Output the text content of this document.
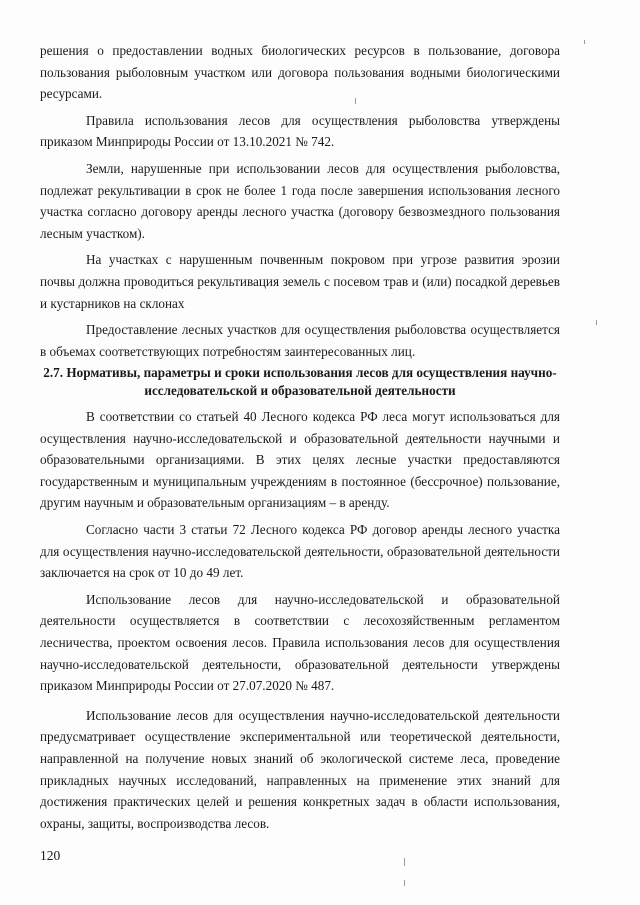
решения о предоставлении водных биологических ресурсов в пользование, договора пользования рыболовным участком или договора пользования водными биологическими ресурсами.

Правила использования лесов для осуществления рыболовства утверждены приказом Минприроды России от 13.10.2021 № 742.

Земли, нарушенные при использовании лесов для осуществления рыболовства, подлежат рекультивации в срок не более 1 года после завершения использования лесного участка согласно договору аренды лесного участка (договору безвозмездного пользования лесным участком).

На участках с нарушенным почвенным покровом при угрозе развития эрозии почвы должна проводиться рекультивация земель с посевом трав и (или) посадкой деревьев и кустарников на склонах

Предоставление лесных участков для осуществления рыболовства осуществляется в объемах соответствующих потребностям заинтересованных лиц.

2.7. Нормативы, параметры и сроки использования лесов для осуществления научно-исследовательской и образовательной деятельности

В соответствии со статьей 40 Лесного кодекса РФ леса могут использоваться для осуществления научно-исследовательской и образовательной деятельности научными и образовательными организациями. В этих целях лесные участки предоставляются государственным и муниципальным учреждениям в постоянное (бессрочное) пользование, другим научным и образовательным организациям – в аренду.

Согласно части 3 статьи 72 Лесного кодекса РФ договор аренды лесного участка для осуществления научно-исследовательской деятельности, образовательной деятельности заключается на срок от 10 до 49 лет.

Использование лесов для научно-исследовательской и образовательной деятельности осуществляется в соответствии с лесохозяйственным регламентом лесничества, проектом освоения лесов. Правила использования лесов для осуществления научно-исследовательской деятельности, образовательной деятельности утверждены приказом Минприроды России от 27.07.2020 № 487.

Использование лесов для осуществления научно-исследовательской деятельности предусматривает осуществление экспериментальной или теоретической деятельности, направленной на получение новых знаний об экологической системе леса, проведение прикладных научных исследований, направленных на применение этих знаний для достижения практических целей и решения конкретных задач в области использования, охраны, защиты, воспроизводства лесов.

120
